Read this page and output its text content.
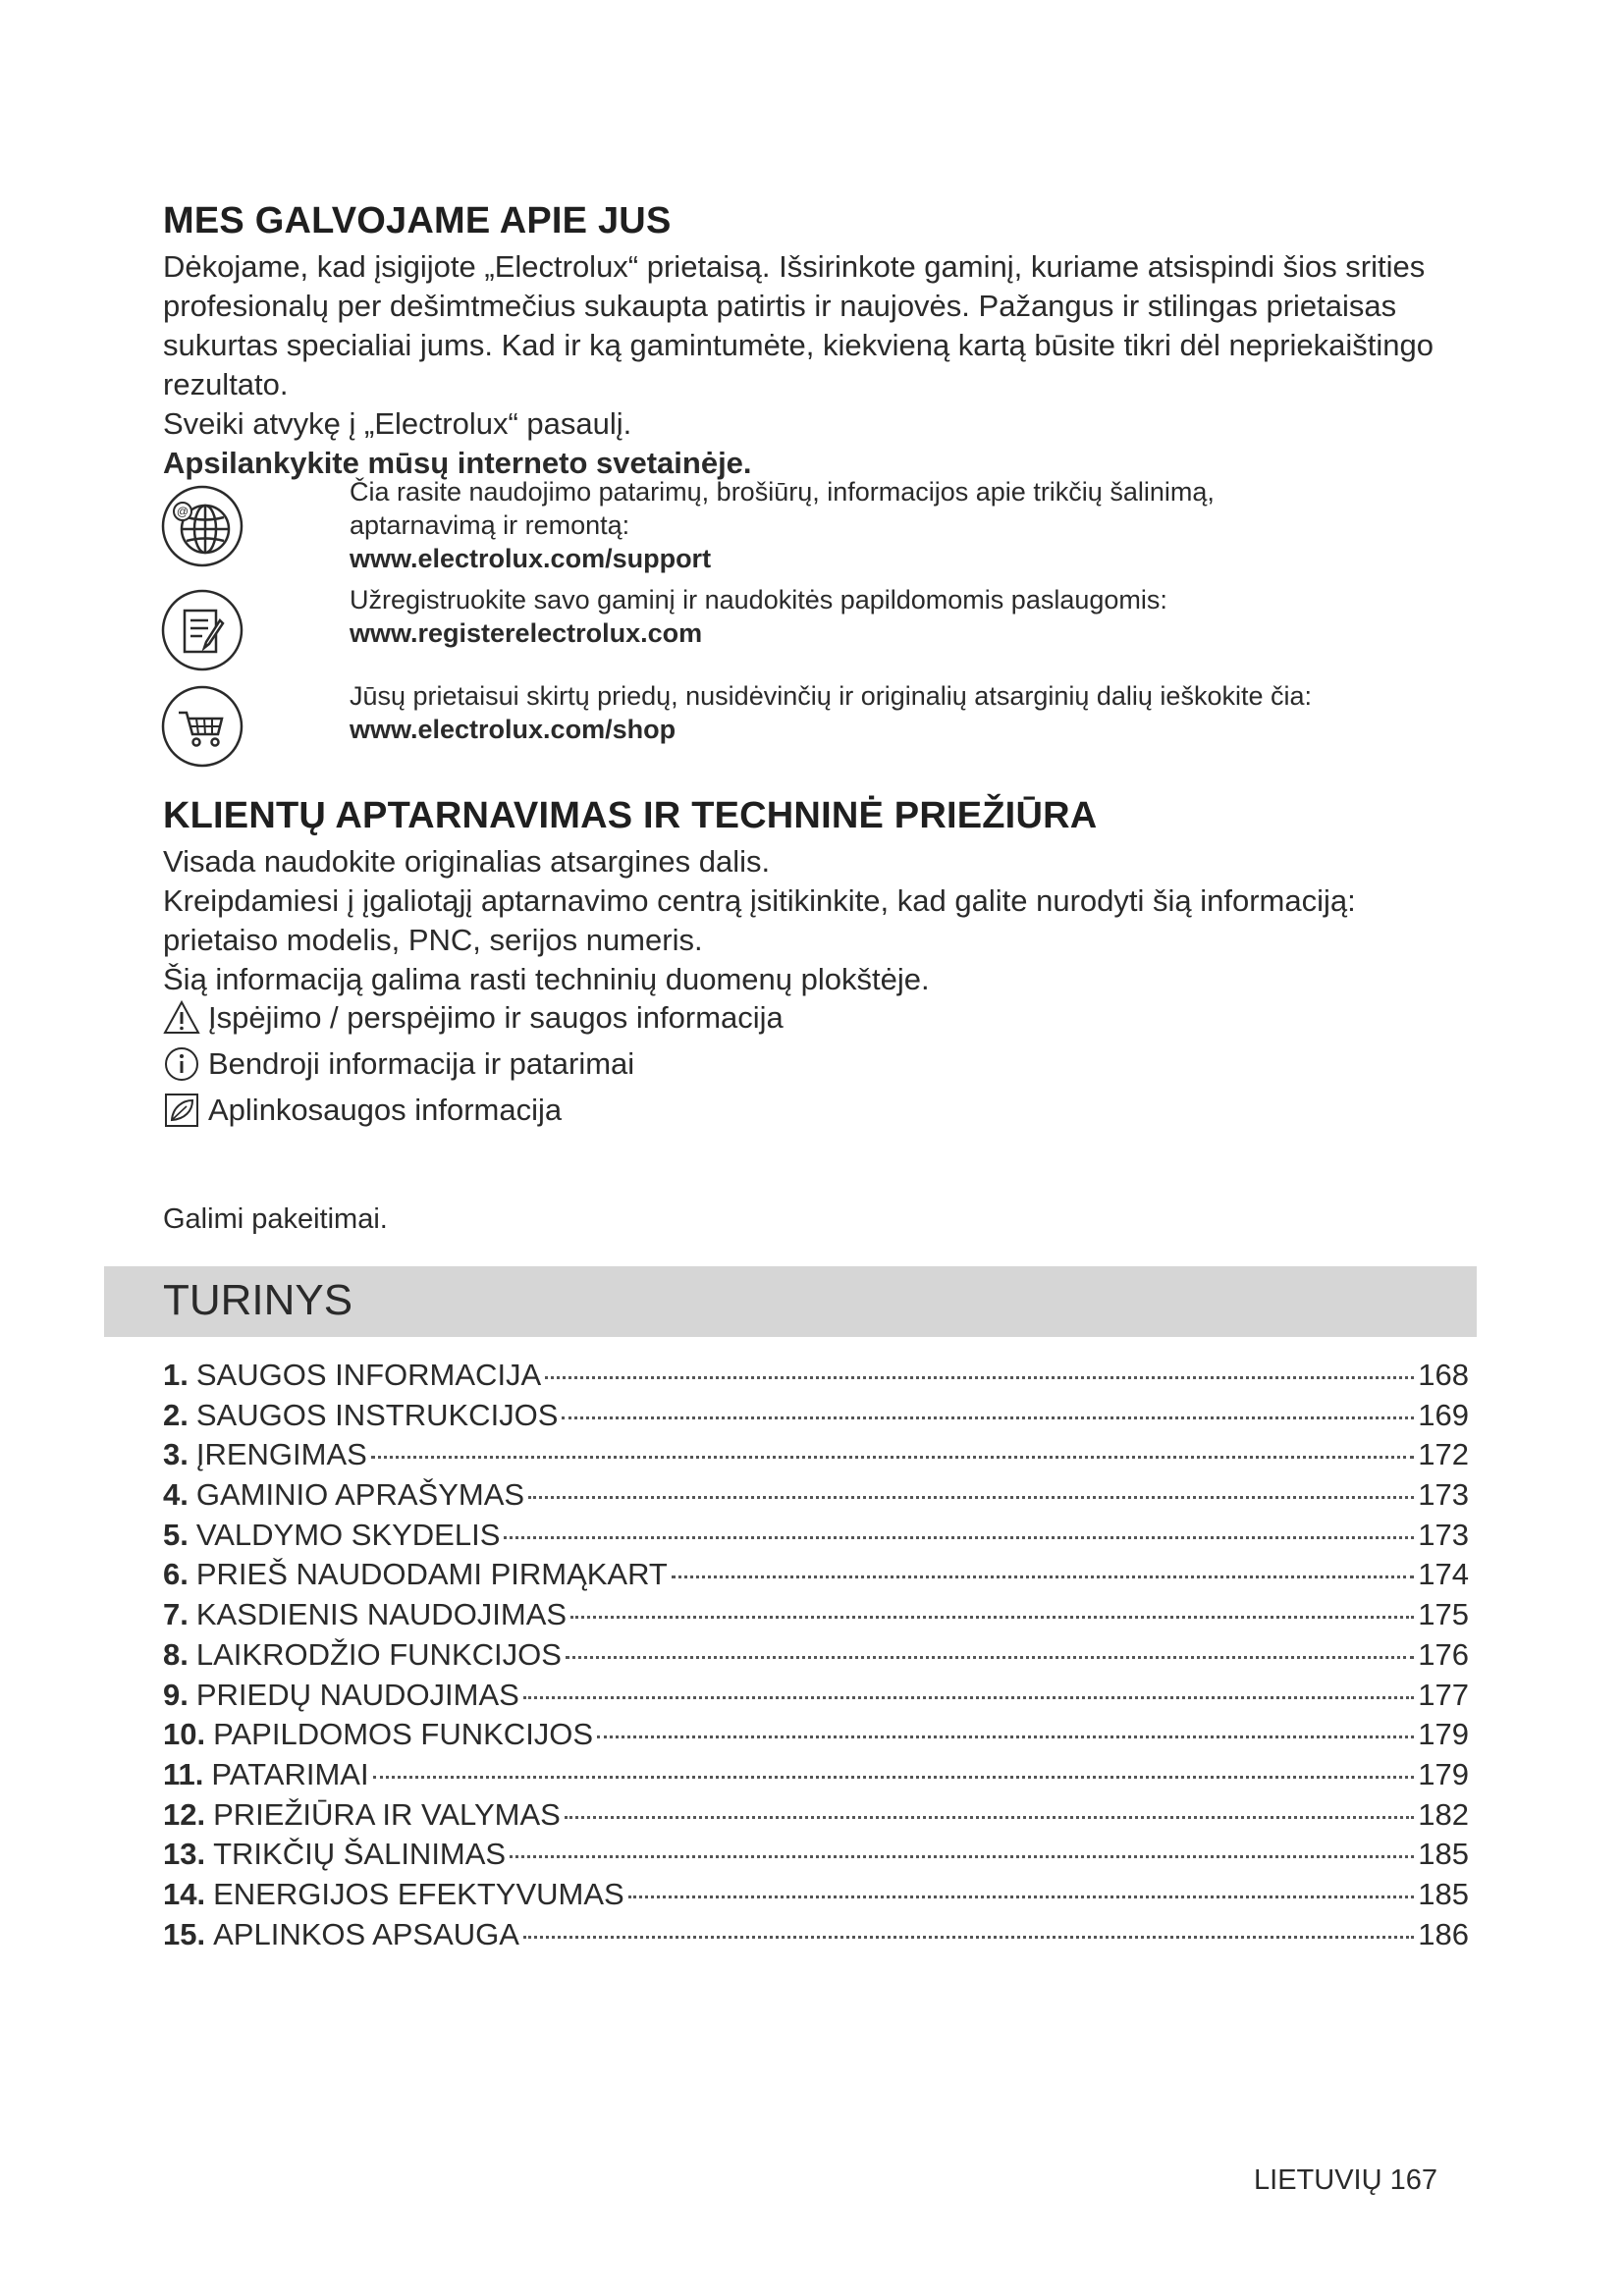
MES GALVOJAME APIE JUS

Dėkojame, kad įsigijote „Electrolux“ prietaisą. Išsirinkote gaminį, kuriame atsispindi šios srities profesionalų per dešimtmečius sukaupta patirtis ir naujovės. Pažangus ir stilingas prietaisas sukurtas specialiai jums. Kad ir ką gamintumėte, kiekvieną kartą būsite tikri dėl nepriekaištingo rezultato.

Sveiki atvykę į „Electrolux“ pasaulį.

Apsilankykite mūsų interneto svetainėje.

@
Čia rasite naudojimo patarimų, brošiūrų, informacijos apie trikčių šalinimą, aptarnavimą ir remontą:
www.electrolux.com/support
Užregistruokite savo gaminį ir naudokitės papildomomis paslaugomis:
www.registerelectrolux.com
Jūsų prietaisui skirtų priedų, nusidėvinčių ir originalių atsarginių dalių ieškokite čia:
www.electrolux.com/shop
KLIENTŲ APTARNAVIMAS IR TECHNINĖ PRIEŽIŪRA

Visada naudokite originalias atsargines dalis.

Kreipdamiesi į įgaliotąjį aptarnavimo centrą įsitikinkite, kad galite nurodyti šią informaciją: prietaiso modelis, PNC, serijos numeris.

Šią informaciją galima rasti techninių duomenų plokštėje.

Įspėjimo / perspėjimo ir saugos informacija
Bendroji informacija ir patarimai
Aplinkosaugos informacija
Galimi pakeitimai.
TURINYS
1. SAUGOS INFORMACIJA	168
2. SAUGOS INSTRUKCIJOS	169
3. ĮRENGIMAS	172
4. GAMINIO APRAŠYMAS	173
5. VALDYMO SKYDELIS	173
6. PRIEŠ NAUDODAMI PIRMĄKART	174
7. KASDIENIS NAUDOJIMAS	175
8. LAIKRODŽIO FUNKCIJOS	176
9. PRIEDŲ NAUDOJIMAS	177
10. PAPILDOMOS FUNKCIJOS	179
11. PATARIMAI	179
12. PRIEŽIŪRA IR VALYMAS	182
13. TRIKČIŲ ŠALINIMAS	185
14. ENERGIJOS EFEKTYVUMAS	185
15. APLINKOS APSAUGA	186
LIETUVIŲ 167
